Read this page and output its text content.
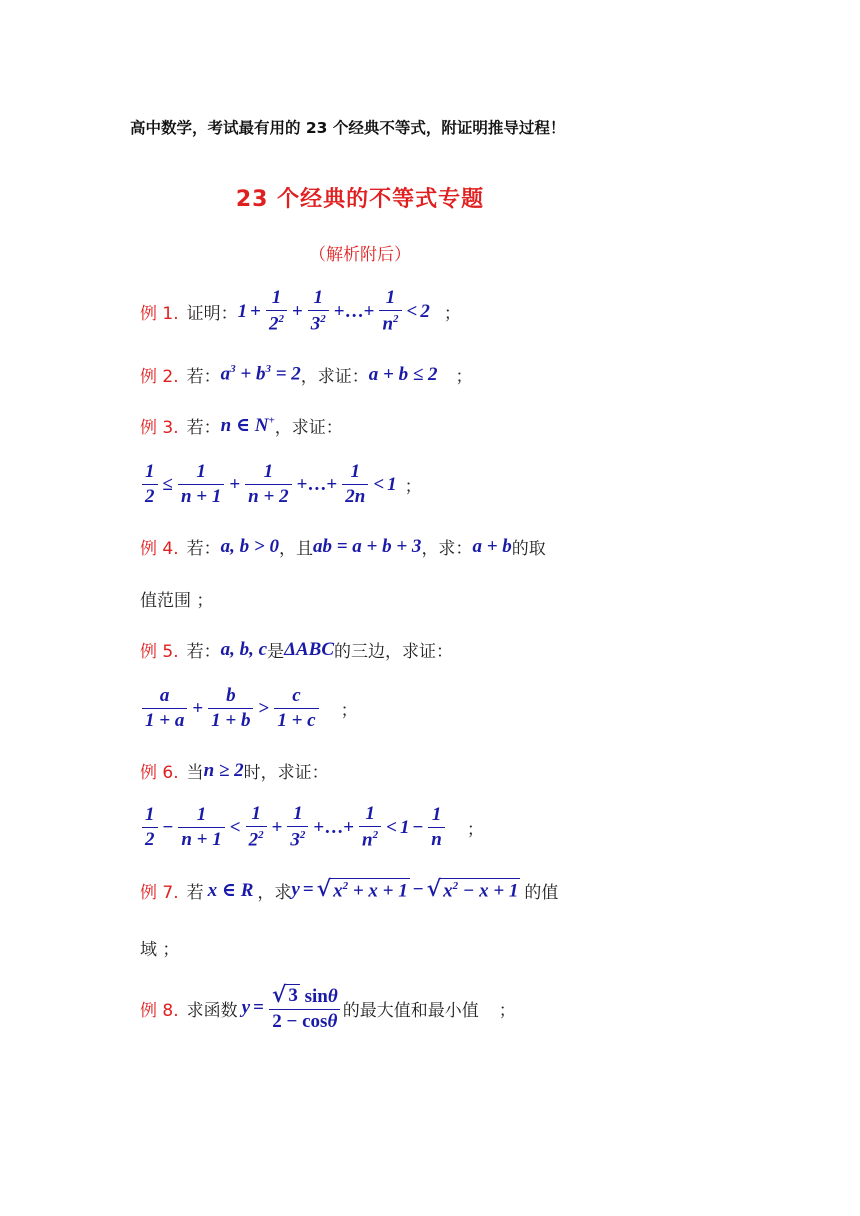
高中数学，考试最有用的 23 个经典不等式，附证明推导过程！
23 个经典的不等式专题
（解析附后）
例 1. 证明： $1 + \frac{1}{2^2} + \frac{1}{3^2}$ +…+ $\frac{1}{n^2} < 2$ ；
例 2. 若： $a^3 + b^3 = 2$ ，求证： a + b ≤ 2 ；
例 3. 若： n ∈ N+ ，求证：
$\frac{1}{2} \le \frac{1}{n + 1} + \frac{1}{n + 2}$ +…+ $\frac{1}{2n} < 1$ ；
例 4. 若： a, b > 0 ，且 ab = a + b + 3 ，求： a + b 的取
值范围 ；
例 5. 若： a, b, c 是 ΔABC 的三边，求证：
$\frac{a}{1 + a} + \frac{b}{1 + b} > \frac{c}{1 + c}$ ；
例 6. 当 n ≥ 2 时，求证：
$\frac{1}{2} - \frac{1}{n + 1} < \frac{1}{2^2} + \frac{1}{3^2}$ +…+ $\frac{1}{n^2} < 1 - \frac{1}{n}$ ；
例 7. 若 x ∈ R ，求 y = √ $x^2 + x + 1$ − √ $x^2 - x + 1$ 的值
域 ；
例 8. 求函数 $y = \frac{√ 3 \sin\theta}{2 - \cos\theta}$ 的最大值和最小值 ；
